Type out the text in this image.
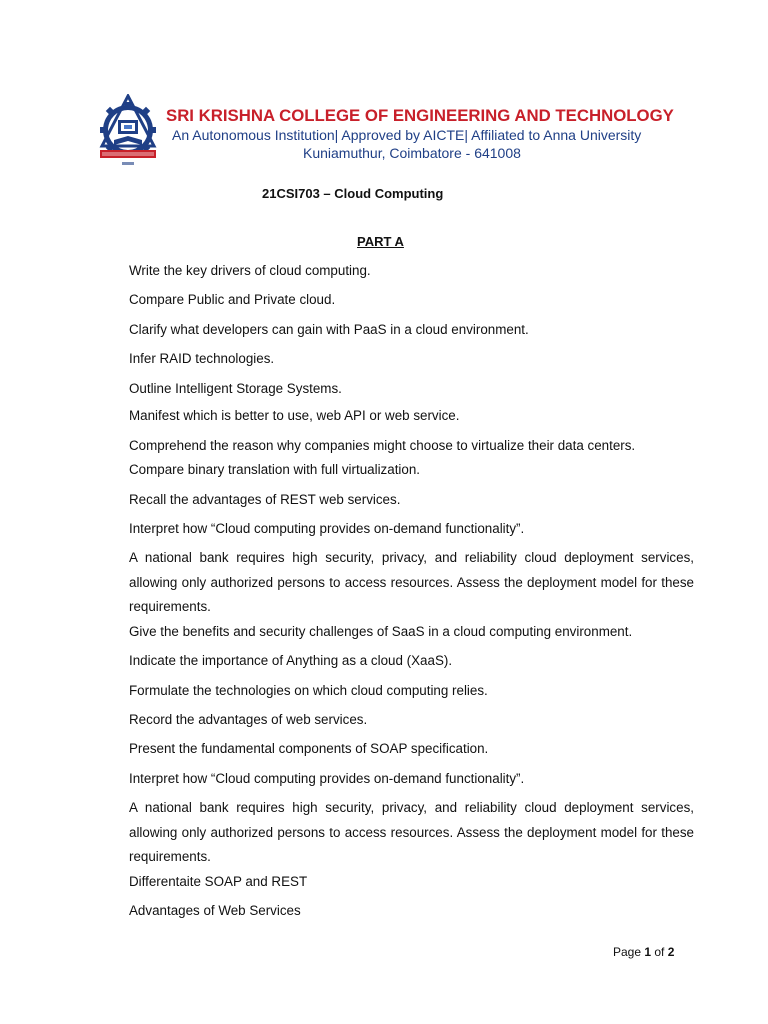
SRI KRISHNA COLLEGE OF ENGINEERING AND TECHNOLOGY
An Autonomous Institution| Approved by AICTE| Affiliated to Anna University
Kuniamuthur, Coimbatore - 641008
21CSI703 – Cloud Computing
PART A

Write the key drivers of cloud computing.

Compare Public and Private cloud.

Clarify what developers can gain with PaaS in a cloud environment.

Infer RAID technologies.

Outline Intelligent Storage Systems.

Manifest which is better to use, web API or web service.

Comprehend the reason why companies might choose to virtualize their data centers.

Compare binary translation with full virtualization.

Recall the advantages of REST web services.

Interpret how “Cloud computing provides on-demand functionality”.

A national bank requires high security, privacy, and reliability cloud deployment services, allowing only authorized persons to access resources. Assess the deployment model for these requirements.

Give the benefits and security challenges of SaaS in a cloud computing environment.

Indicate the importance of Anything as a cloud (XaaS).

Formulate the technologies on which cloud computing relies.

Record the advantages of web services.

Present the fundamental components of SOAP specification.

Interpret how “Cloud computing provides on-demand functionality”.

A national bank requires high security, privacy, and reliability cloud deployment services, allowing only authorized persons to access resources. Assess the deployment model for these requirements.

Differentaite SOAP and REST

Advantages of Web Services

Page 1 of 2
